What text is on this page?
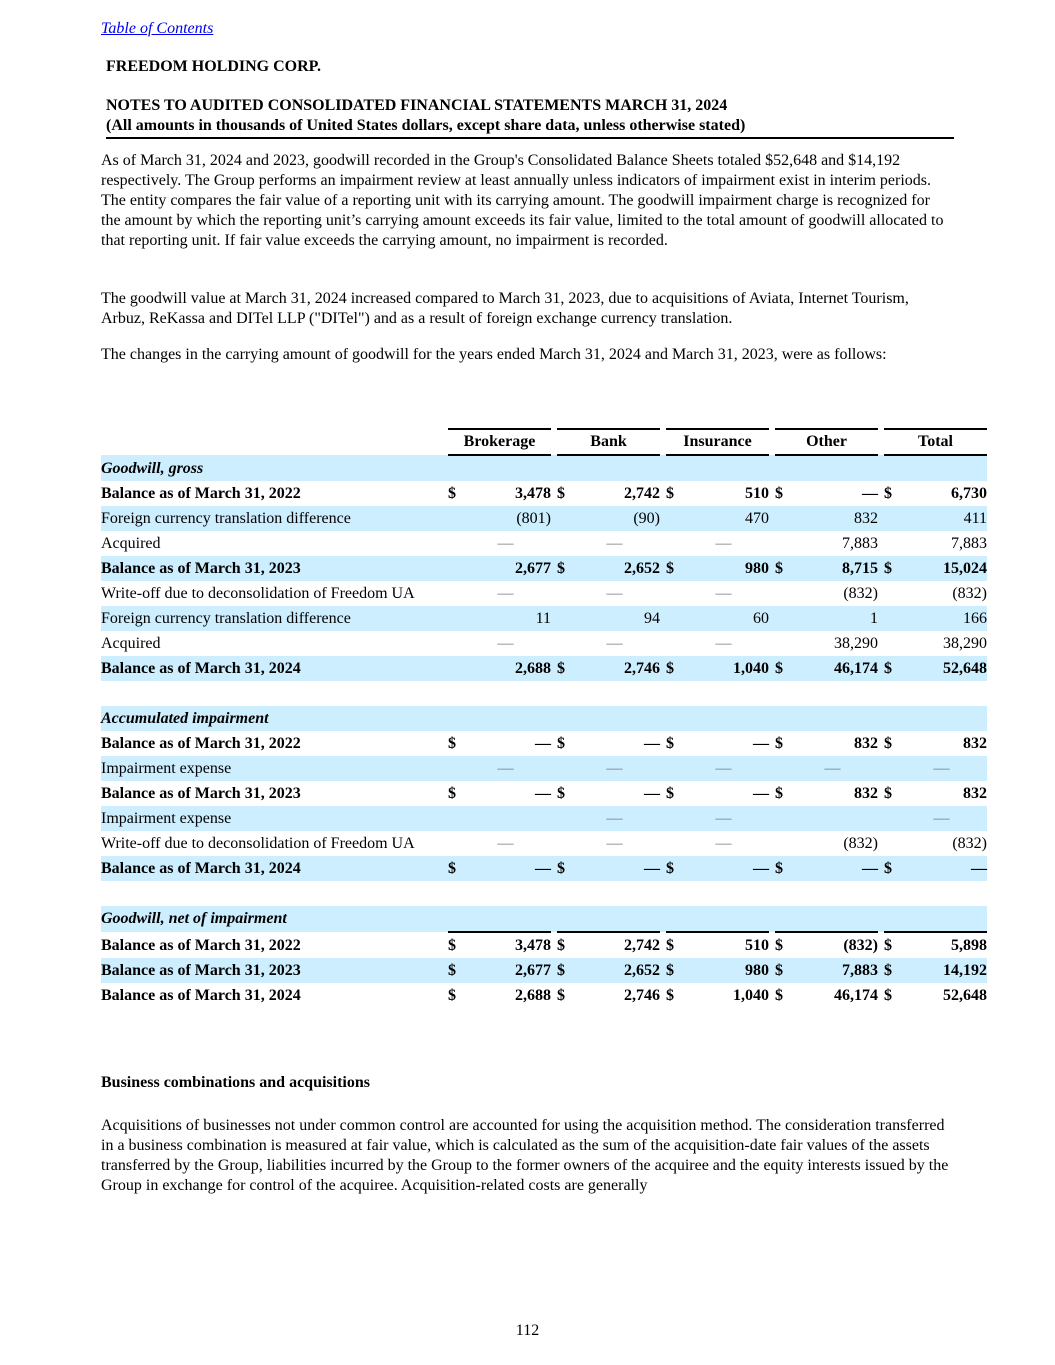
Table of Contents
FREEDOM HOLDING CORP.
NOTES TO AUDITED CONSOLIDATED FINANCIAL STATEMENTS MARCH 31, 2024
(All amounts in thousands of United States dollars, except share data, unless otherwise stated)

As of March 31, 2024 and 2023, goodwill recorded in the Group's Consolidated Balance Sheets totaled $52,648 and $14,192 respectively. The Group performs an impairment review at least annually unless indicators of impairment exist in interim periods. The entity compares the fair value of a reporting unit with its carrying amount. The goodwill impairment charge is recognized for the amount by which the reporting unit’s carrying amount exceeds its fair value, limited to the total amount of goodwill allocated to that reporting unit. If fair value exceeds the carrying amount, no impairment is recorded.

The goodwill value at March 31, 2024 increased compared to March 31, 2023, due to acquisitions of Aviata, Internet Tourism, Arbuz, ReKassa and DITel LLP ("DITel") and as a result of foreign exchange currency translation.

The changes in the carrying amount of goodwill for the years ended March 31, 2024 and March 31, 2023, were as follows:

	Brokerage			Bank			Insurance			Other			Total	
Goodwill, gross														
Balance as of March 31, 2022	$	3,478		$	2,742		$	510		$	—		$	6,730
Foreign currency translation difference		(801)			(90)			470			832			411
Acquired		—			—			—			7,883			7,883
Balance as of March 31, 2023		2,677		$	2,652		$	980		$	8,715		$	15,024
Write-off due to deconsolidation of Freedom UA		—			—			—			(832)			(832)
Foreign currency translation difference		11			94			60			1			166
Acquired		—			—			—			38,290			38,290
Balance as of March 31, 2024		2,688		$	2,746		$	1,040		$	46,174		$	52,648

Accumulated impairment														
Balance as of March 31, 2022	$	—		$	—		$	—		$	832		$	832
Impairment expense		—			—			—			—			—
Balance as of March 31, 2023	$	—		$	—		$	—		$	832		$	832
Impairment expense					—			—						—
Write-off due to deconsolidation of Freedom UA		—			—			—			(832)			(832)
Balance as of March 31, 2024	$	—		$	—		$	—		$	—		$	—

Goodwill, net of impairment														
Balance as of March 31, 2022	$	3,478		$	2,742		$	510		$	(832)		$	5,898
Balance as of March 31, 2023	$	2,677		$	2,652		$	980		$	7,883		$	14,192
Balance as of March 31, 2024	$	2,688		$	2,746		$	1,040		$	46,174		$	52,648
Business combinations and acquisitions

Acquisitions of businesses not under common control are accounted for using the acquisition method. The consideration transferred in a business combination is measured at fair value, which is calculated as the sum of the acquisition-date fair values of the assets transferred by the Group, liabilities incurred by the Group to the former owners of the acquiree and the equity interests issued by the Group in exchange for control of the acquiree. Acquisition-related costs are generally

112
